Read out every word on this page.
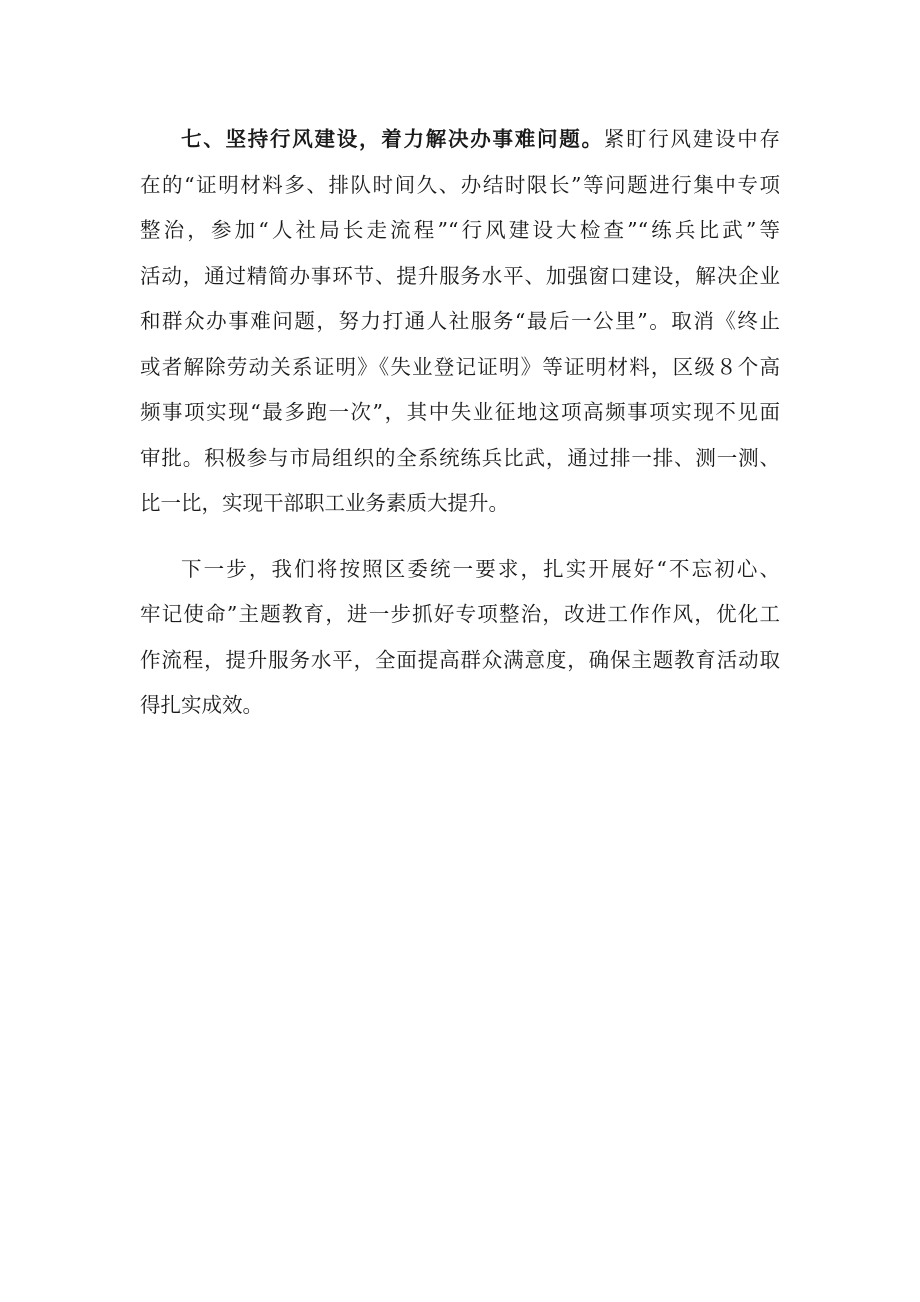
七、坚持行风建设，着力解决办事难问题。紧盯行风建设中存
在的“证明材料多、排队时间久、办结时限长”等问题进行集中专项
整治，参加“人社局长走流程”“行风建设大检查”“练兵比武”等
活动，通过精简办事环节、提升服务水平、加强窗口建设，解决企业
和群众办事难问题，努力打通人社服务“最后一公里”。取消《终止
或者解除劳动关系证明》《失业登记证明》等证明材料，区级８个高
频事项实现“最多跑一次”，其中失业征地这项高频事项实现不见面
审批。积极参与市局组织的全系统练兵比武，通过排一排、测一测、
比一比，实现干部职工业务素质大提升。
下一步，我们将按照区委统一要求，扎实开展好“不忘初心、
牢记使命”主题教育，进一步抓好专项整治，改进工作作风，优化工
作流程，提升服务水平，全面提高群众满意度，确保主题教育活动取
得扎实成效。
